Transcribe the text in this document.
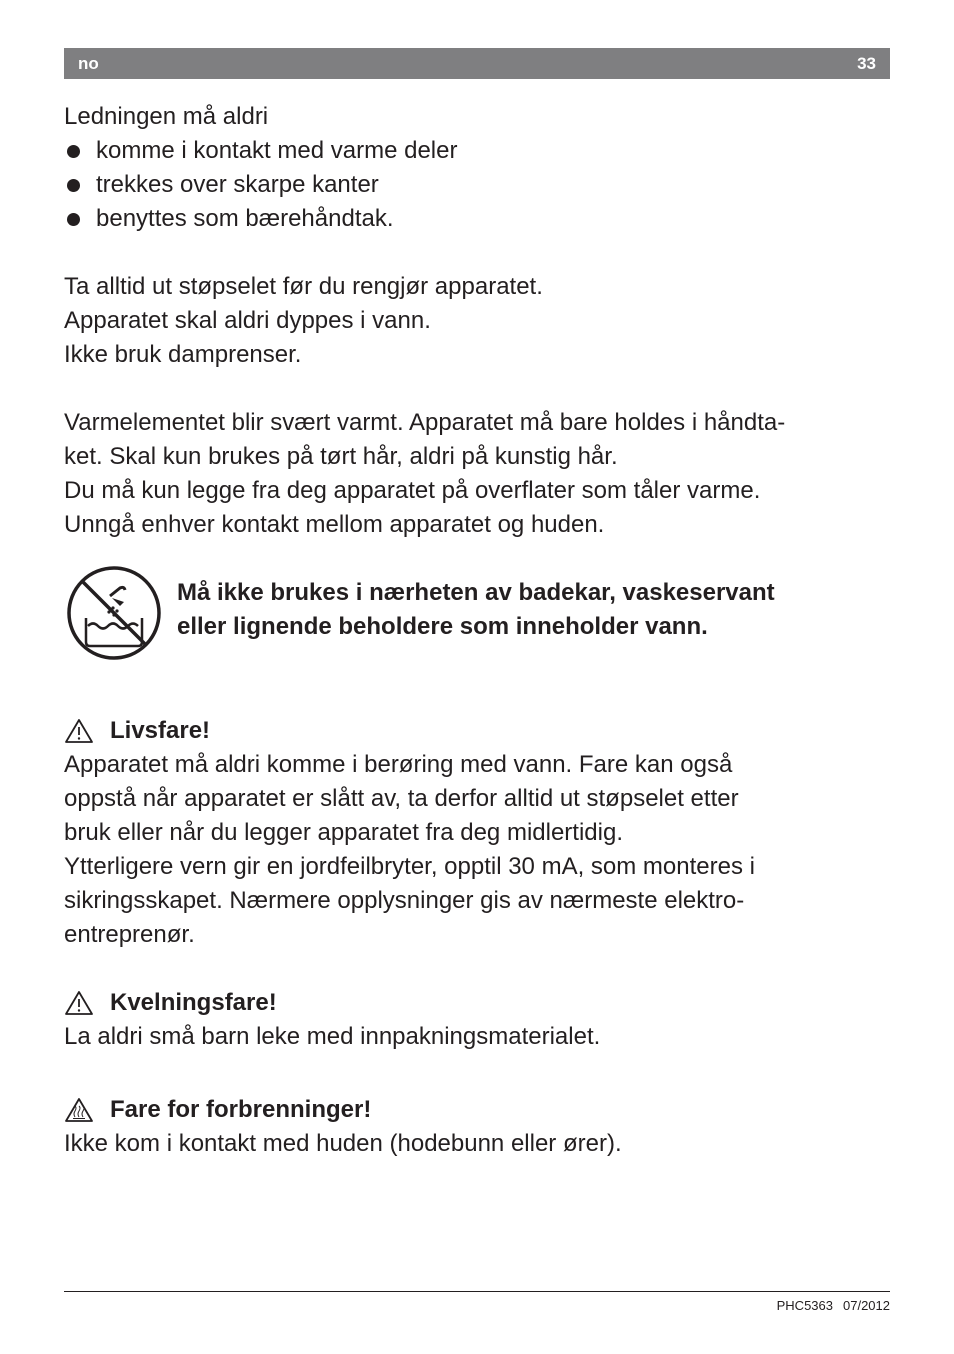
no	33

Ledningen må aldri

komme i kontakt med varme deler
trekkes over skarpe kanter
benyttes som bærehåndtak.

Ta alltid ut støpselet før du rengjør apparatet.

Apparatet skal aldri dyppes i vann.

Ikke bruk damprenser.

Varmelementet blir svært varmt. Apparatet må bare holdes i håndta-

ket. Skal kun brukes på tørt hår, aldri på kunstig hår.

Du må kun legge fra deg apparatet på overflater som tåler varme.

Unngå enhver kontakt mellom apparatet og huden.

Må ikke brukes i nærheten av badekar, vaskeservant
eller lignende beholdere som inneholder vann.
Livsfare!

Apparatet må aldri komme i berøring med vann. Fare kan også

oppstå når apparatet er slått av, ta derfor alltid ut støpselet etter

bruk eller når du legger apparatet fra deg midlertidig.

Ytterligere vern gir en jordfeilbryter, opptil 30 mA, som monteres i

sikringsskapet. Nærmere opplysninger gis av nærmeste elektro-

entreprenør.

Kvelningsfare!

La aldri små barn leke med innpakningsmaterialet.

Fare for forbrenninger!

Ikke kom i kontakt med huden (hodebunn eller ører).

PHC5363 07/2012
